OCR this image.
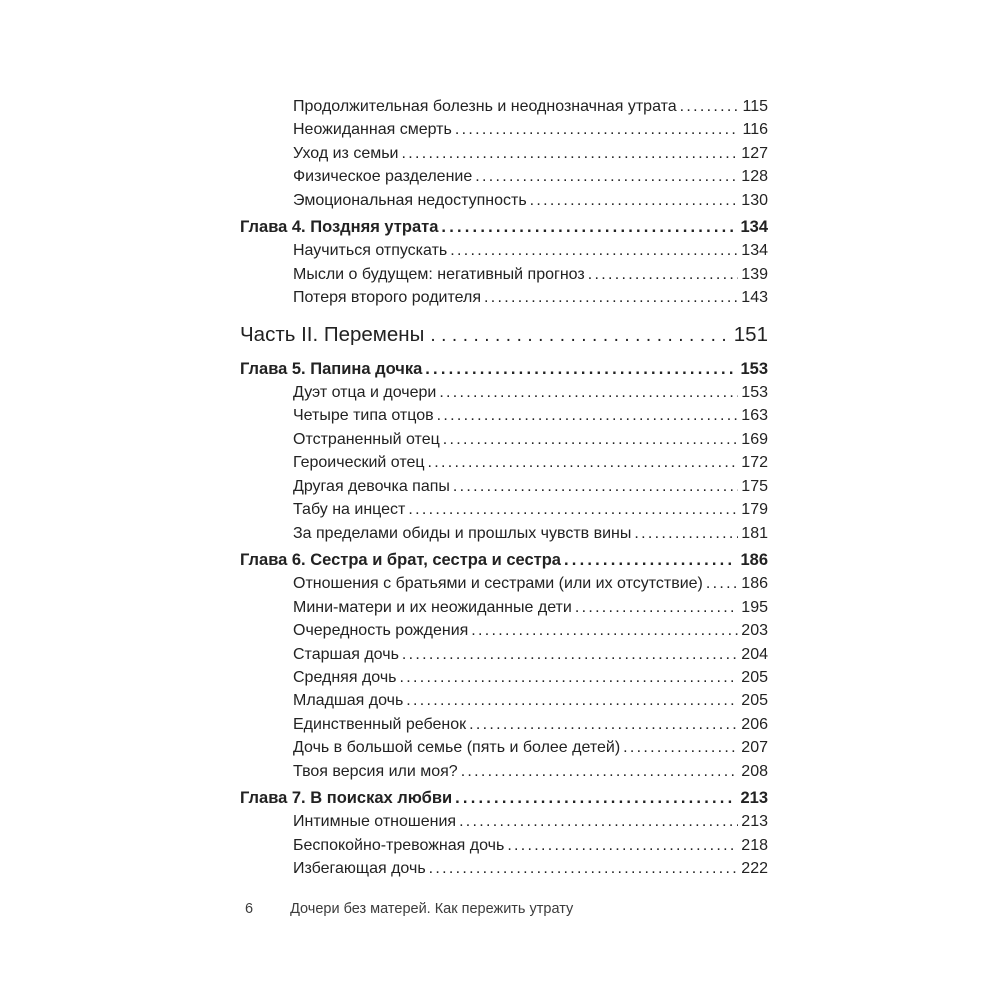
Продолжительная болезнь и неоднозначная утрата .....	115
Неожиданная смерть .....	116
Уход из семьи .....	127
Физическое разделение .....	128
Эмоциональная недоступность .....	130
Глава 4. Поздняя утрата .....	134
Научиться отпускать .....	134
Мысли о будущем: негативный прогноз .....	139
Потеря второго родителя .....	143
Часть II. Перемены .....	151
Глава 5. Папина дочка .....	153
Дуэт отца и дочери .....	153
Четыре типа отцов .....	163
Отстраненный отец .....	169
Героический отец .....	172
Другая девочка папы .....	175
Табу на инцест .....	179
За пределами обиды и прошлых чувств вины .....	181
Глава 6. Сестра и брат, сестра и сестра .....	186
Отношения с братьями и сестрами (или их отсутствие) ..... 186
Мини-матери и их неожиданные дети .....	195
Очередность рождения .....	203
Старшая дочь .....	204
Средняя дочь .....	205
Младшая дочь .....	205
Единственный ребенок .....	206
Дочь в большой семье (пять и более детей) .....	207
Твоя версия или моя? .....	208
Глава 7. В поисках любви .....	213
Интимные отношения .....	213
Беспокойно-тревожная дочь .....	218
Избегающая дочь .....	222
6	Дочери без матерей. Как пережить утрату
